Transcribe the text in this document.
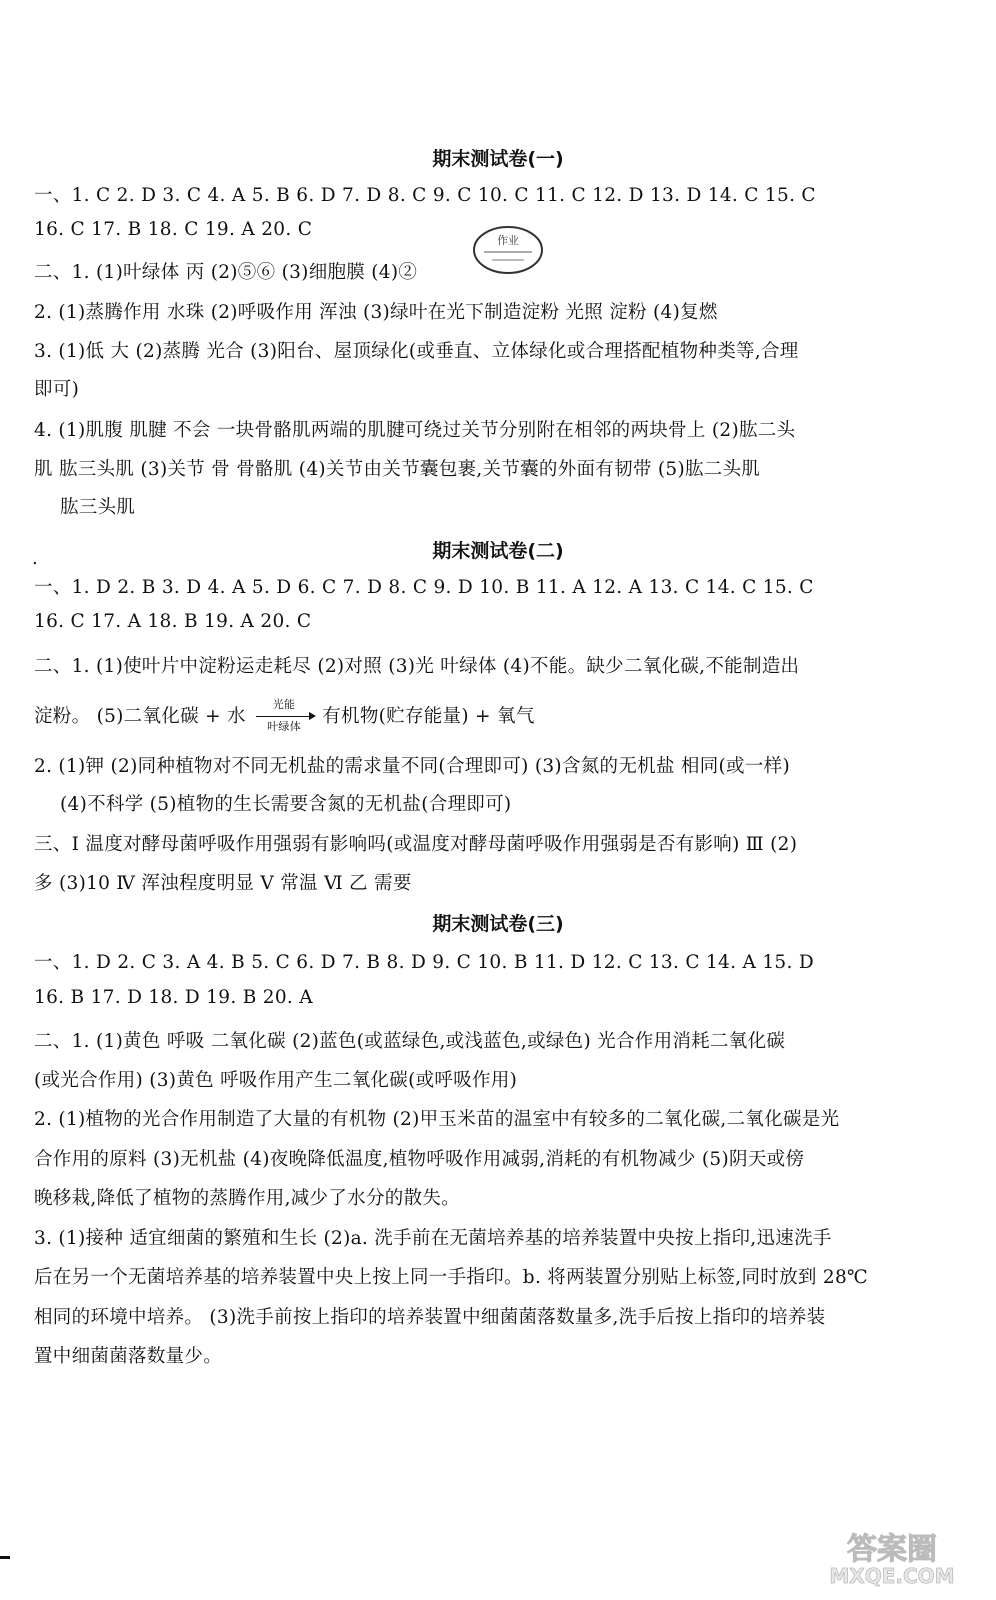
期末测试卷(一)
一、1. C 2. D 3. C 4. A 5. B 6. D 7. D 8. C 9. C 10. C 11. C 12. D 13. D 14. C 15. C
16. C 17. B 18. C 19. A 20. C
二、1. (1)叶绿体 丙 (2)⑤⑥ (3)细胞膜 (4)②
2. (1)蒸腾作用 水珠 (2)呼吸作用 浑浊 (3)绿叶在光下制造淀粉 光照 淀粉 (4)复燃
3. (1)低 大 (2)蒸腾 光合 (3)阳台、屋顶绿化(或垂直、立体绿化或合理搭配植物种类等,合理
即可)
4. (1)肌腹 肌腱 不会 一块骨骼肌两端的肌腱可绕过关节分别附在相邻的两块骨上 (2)肱二头
肌 肱三头肌 (3)关节 骨 骨骼肌 (4)关节由关节囊包裹,关节囊的外面有韧带 (5)肱二头肌
肱三头肌
作业
.	期末测试卷(二)
一、1. D 2. B 3. D 4. A 5. D 6. C 7. D 8. C 9. D 10. B 11. A 12. A 13. C 14. C 15. C
16. C 17. A 18. B 19. A 20. C
二、1. (1)使叶片中淀粉运走耗尽 (2)对照 (3)光 叶绿体 (4)不能。缺少二氧化碳,不能制造出
淀粉。 (5)二氧化碳 + 水
光能
叶绿体	有机物(贮存能量) + 氧气
2. (1)钾 (2)同种植物对不同无机盐的需求量不同(合理即可) (3)含氮的无机盐 相同(或一样)
(4)不科学 (5)植物的生长需要含氮的无机盐(合理即可)
三、Ⅰ 温度对酵母菌呼吸作用强弱有影响吗(或温度对酵母菌呼吸作用强弱是否有影响) Ⅲ (2)
多 (3)10 Ⅳ 浑浊程度明显 Ⅴ 常温 Ⅵ 乙 需要
期末测试卷(三)
一、1. D 2. C 3. A 4. B 5. C 6. D 7. B 8. D 9. C 10. B 11. D 12. C 13. C 14. A 15. D
16. B 17. D 18. D 19. B 20. A
二、1. (1)黄色 呼吸 二氧化碳 (2)蓝色(或蓝绿色,或浅蓝色,或绿色) 光合作用消耗二氧化碳
(或光合作用) (3)黄色 呼吸作用产生二氧化碳(或呼吸作用)
2. (1)植物的光合作用制造了大量的有机物 (2)甲玉米苗的温室中有较多的二氧化碳,二氧化碳是光
合作用的原料 (3)无机盐 (4)夜晚降低温度,植物呼吸作用减弱,消耗的有机物减少 (5)阴天或傍
晚移栽,降低了植物的蒸腾作用,减少了水分的散失。
3. (1)接种 适宜细菌的繁殖和生长 (2)a. 洗手前在无菌培养基的培养装置中央按上指印,迅速洗手
后在另一个无菌培养基的培养装置中央上按上同一手指印。b. 将两装置分别贴上标签,同时放到 28℃
相同的环境中培养。 (3)洗手前按上指印的培养装置中细菌菌落数量多,洗手后按上指印的培养装
置中细菌菌落数量少。
答案圈
MXQE.COM
